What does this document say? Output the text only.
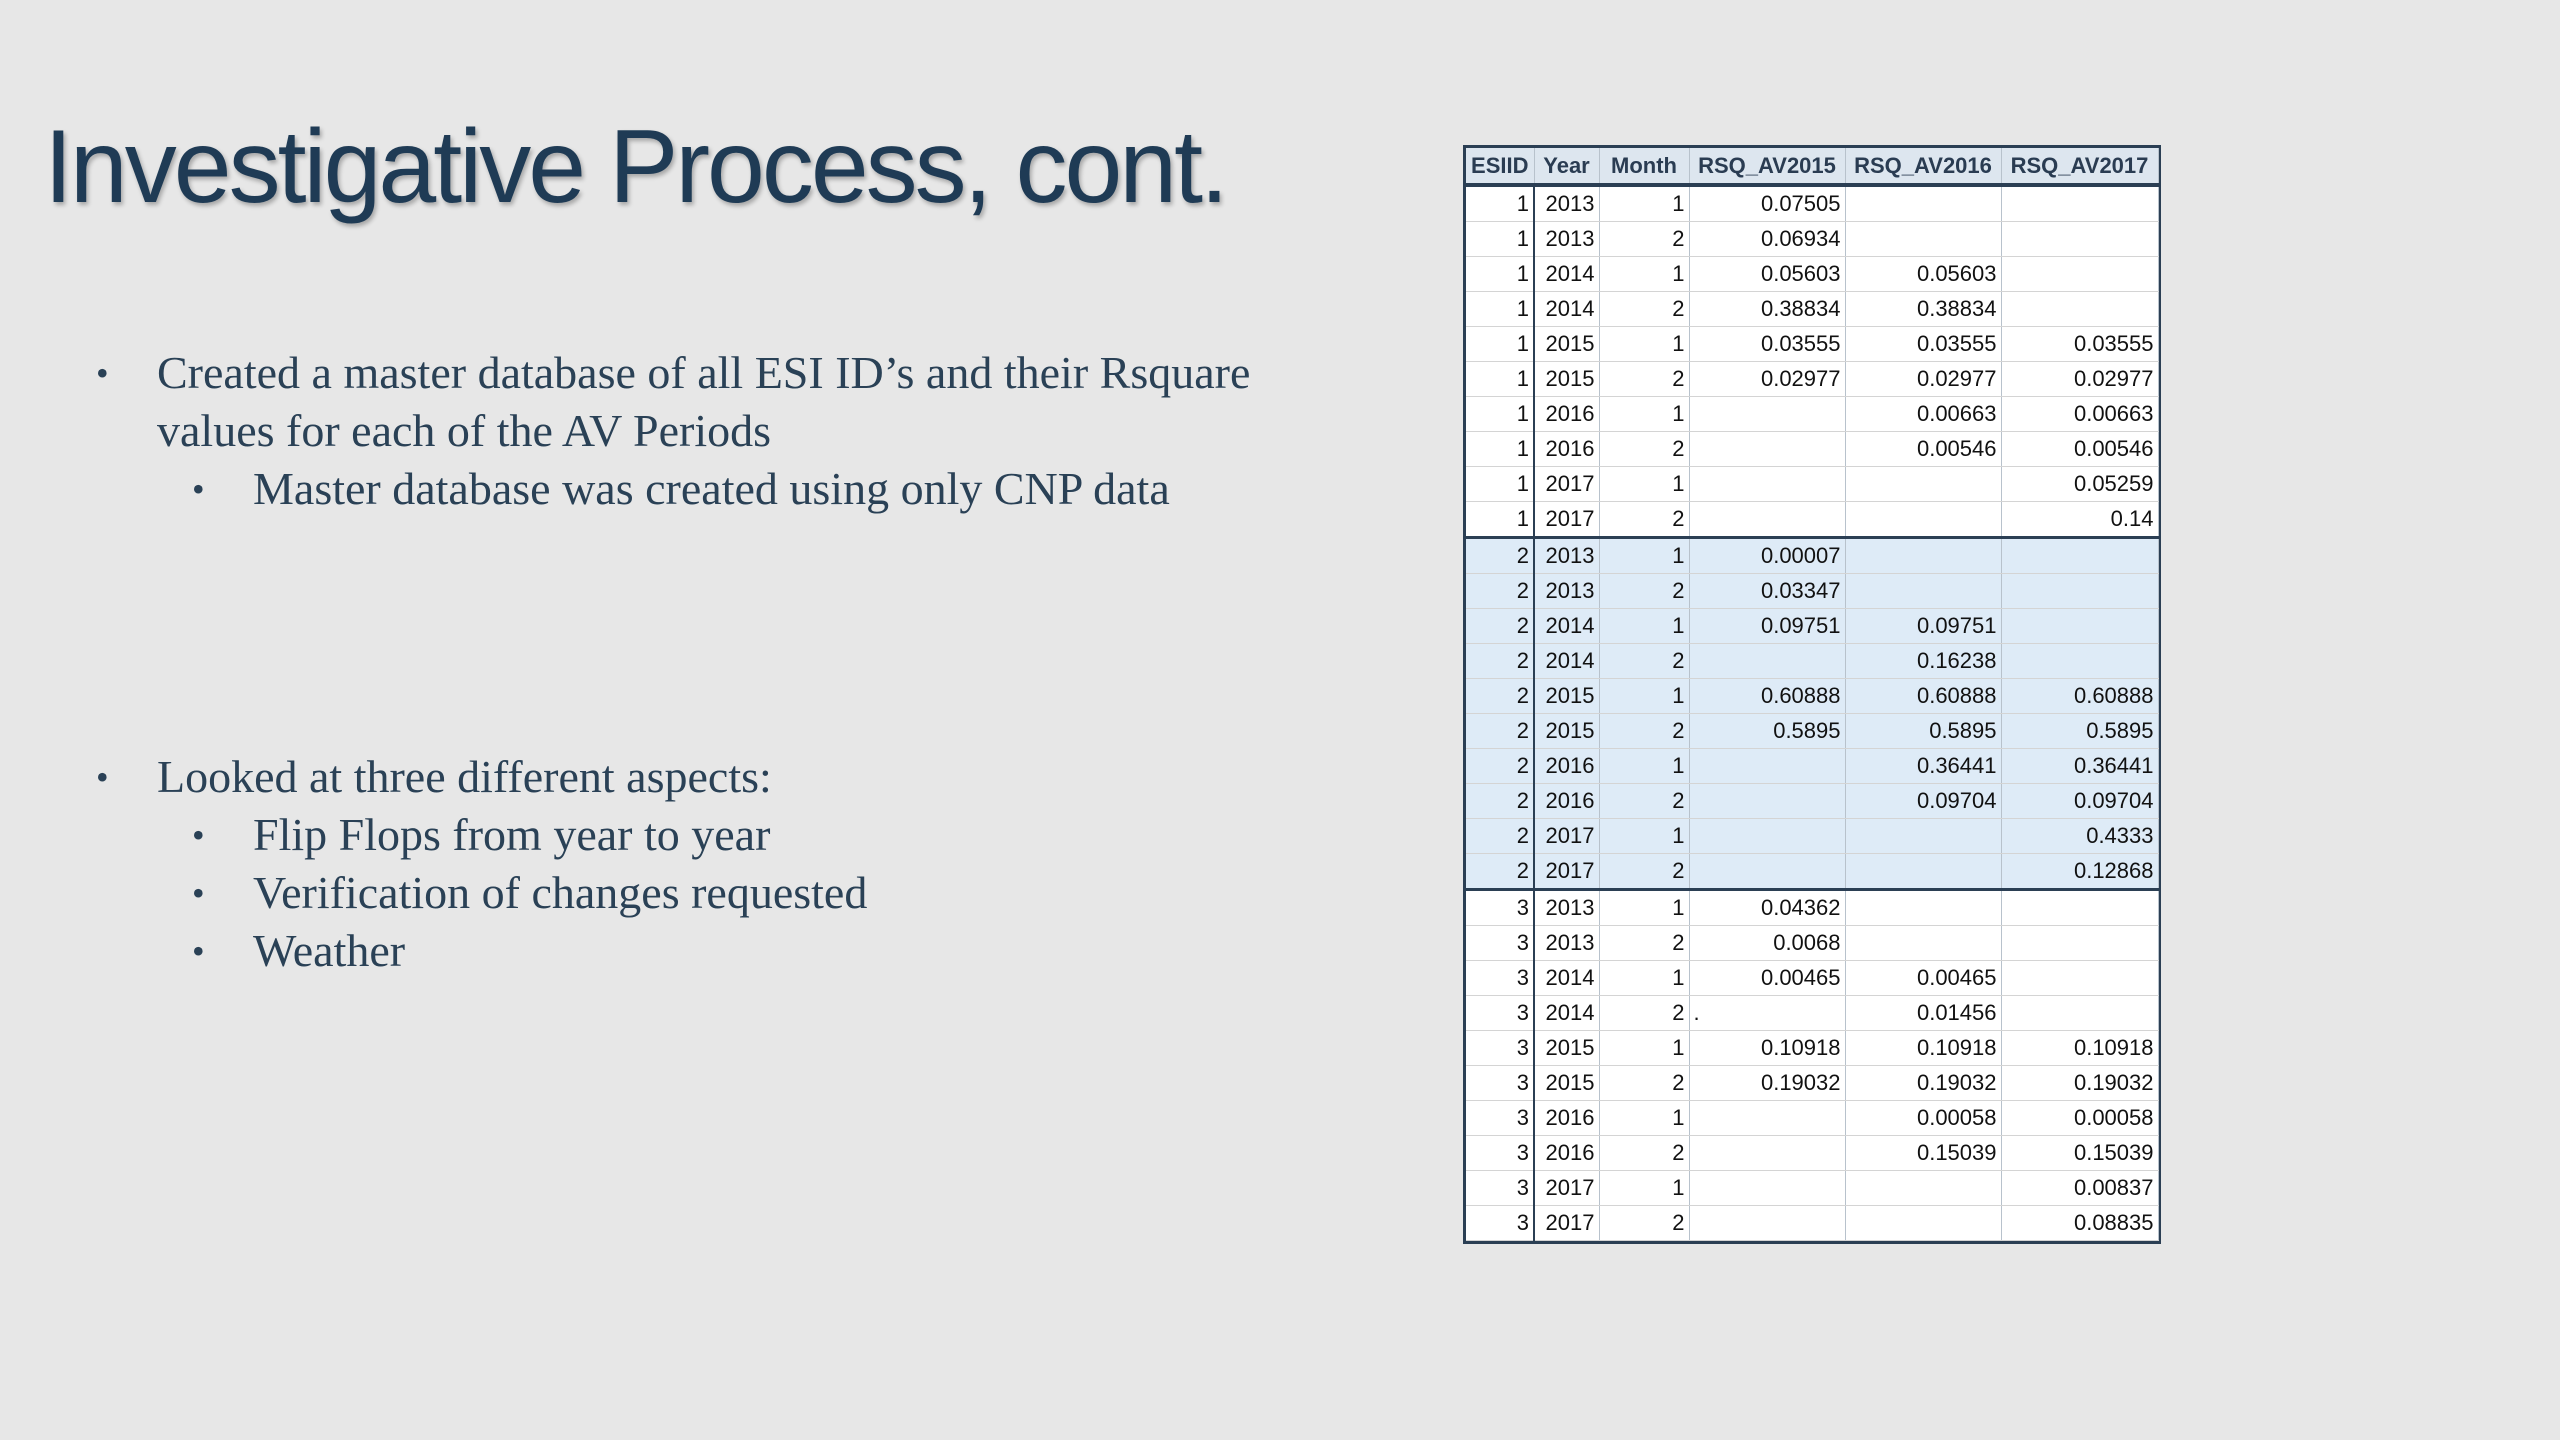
Investigative Process, cont.
• Created a master database of all ESI ID’s and their Rsquare values for each of the AV Periods
• Master database was created using only CNP data
• Looked at three different aspects:
• Flip Flops from year to year
• Verification of changes requested
• Weather
ESIID	Year	Month	RSQ_AV2015	RSQ_AV2016	RSQ_AV2017
1	2013	1	0.07505		
1	2013	2	0.06934		
1	2014	1	0.05603	0.05603	
1	2014	2	0.38834	0.38834	
1	2015	1	0.03555	0.03555	0.03555
1	2015	2	0.02977	0.02977	0.02977
1	2016	1		0.00663	0.00663
1	2016	2		0.00546	0.00546
1	2017	1			0.05259
1	2017	2			0.14
2	2013	1	0.00007		
2	2013	2	0.03347		
2	2014	1	0.09751	0.09751	
2	2014	2		0.16238	
2	2015	1	0.60888	0.60888	0.60888
2	2015	2	0.5895	0.5895	0.5895
2	2016	1		0.36441	0.36441
2	2016	2		0.09704	0.09704
2	2017	1			0.4333
2	2017	2			0.12868
3	2013	1	0.04362		
3	2013	2	0.0068		
3	2014	1	0.00465	0.00465	
3	2014	2	.	0.01456	
3	2015	1	0.10918	0.10918	0.10918
3	2015	2	0.19032	0.19032	0.19032
3	2016	1		0.00058	0.00058
3	2016	2		0.15039	0.15039
3	2017	1			0.00837
3	2017	2			0.08835
